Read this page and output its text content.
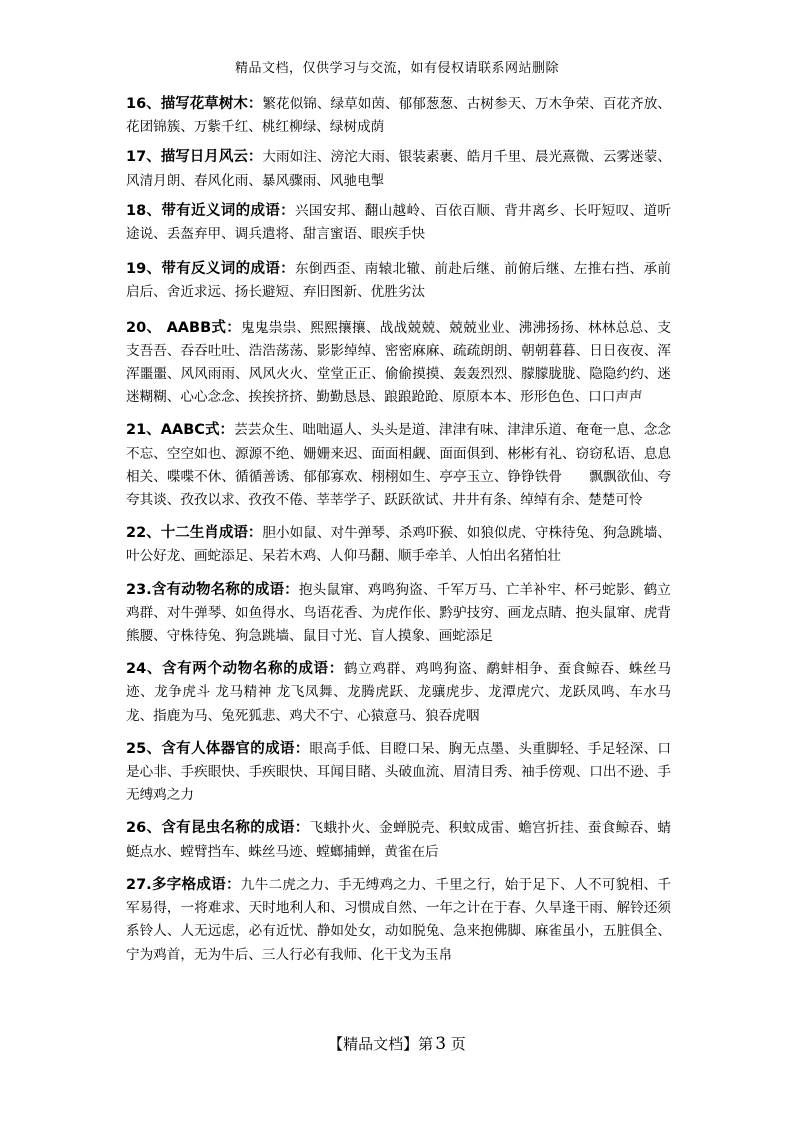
精品文档，仅供学习与交流，如有侵权请联系网站删除
16、描写花草树木：繁花似锦、绿草如茵、郁郁葱葱、古树参天、万木争荣、百花齐放、花团锦簇、万紫千红、桃红柳绿、绿树成荫
17、描写日月风云：大雨如注、滂沱大雨、银装素裹、皓月千里、晨光熹微、云雾迷蒙、风清月朗、春风化雨、暴风骤雨、风驰电掣
18、带有近义词的成语：兴国安邦、翻山越岭、百依百顺、背井离乡、长吁短叹、道听途说、丢盔弃甲、调兵遣将、甜言蜜语、眼疾手快
19、带有反义词的成语：东倒西歪、南辕北辙、前赴后继、前俯后继、左推右挡、承前启后、舍近求远、扬长避短、弃旧图新、优胜劣汰
20、 AABB式：鬼鬼祟祟、熙熙攘攘、战战兢兢、兢兢业业、沸沸扬扬、林林总总、支支吾吾、吞吞吐吐、浩浩荡荡、影影绰绰、密密麻麻、疏疏朗朗、朝朝暮暮、日日夜夜、浑浑噩噩、风风雨雨、风风火火、堂堂正正、偷偷摸摸、轰轰烈烈、朦朦胧胧、隐隐约约、迷迷糊糊、心心念念、挨挨挤挤、勤勤恳恳、踉踉跄跄、原原本本、形形色色、口口声声
21、AABC式：芸芸众生、咄咄逼人、头头是道、津津有味、津津乐道、奄奄一息、念念不忘、空空如也、源源不绝、姗姗来迟、面面相觑、面面俱到、彬彬有礼、窃窃私语、息息相关、喋喋不休、循循善诱、郁郁寡欢、栩栩如生、亭亭玉立、铮铮铁骨　　飘飘欲仙、夸夸其谈、孜孜以求、孜孜不倦、莘莘学子、跃跃欲试、井井有条、绰绰有余、楚楚可怜
22、十二生肖成语：胆小如鼠、对牛弹琴、杀鸡吓猴、如狼似虎、守株待兔、狗急跳墙、叶公好龙、画蛇添足、呆若木鸡、人仰马翻、顺手牵羊、人怕出名猪怕壮
23.含有动物名称的成语：抱头鼠窜、鸡鸣狗盗、千军万马、亡羊补牢、杯弓蛇影、鹤立鸡群、对牛弹琴、如鱼得水、鸟语花香、为虎作伥、黔驴技穷、画龙点睛、抱头鼠窜、虎背熊腰、守株待兔、狗急跳墙、鼠目寸光、盲人摸象、画蛇添足
24、含有两个动物名称的成语：鹤立鸡群、鸡鸣狗盗、鹬蚌相争、蚕食鲸吞、蛛丝马迹、龙争虎斗 龙马精神 龙飞凤舞、龙腾虎跃、龙骧虎步、龙潭虎穴、龙跃凤鸣、车水马龙、指鹿为马、兔死狐悲、鸡犬不宁、心猿意马、狼吞虎咽
25、含有人体器官的成语：眼高手低、目瞪口呆、胸无点墨、头重脚轻、手足轻深、口是心非、手疾眼快、手疾眼快、耳闻目睹、头破血流、眉清目秀、袖手傍观、口出不逊、手无缚鸡之力
26、含有昆虫名称的成语：飞蛾扑火、金蝉脱壳、积蚊成雷、蟾宫折挂、蚕食鲸吞、蜻蜓点水、螳臂挡车、蛛丝马迹、螳螂捕蝉，黄雀在后
27.多字格成语：九牛二虎之力、手无缚鸡之力、千里之行，始于足下、人不可貌相、千军易得，一将难求、天时地利人和、习惯成自然、一年之计在于春、久旱逢干雨、解铃还须系铃人、人无远虑，必有近忧、静如处女，动如脱兔、急来抱佛脚、麻雀虽小，五脏俱全、宁为鸡首，无为牛后、三人行必有我师、化干戈为玉帛
【精品文档】第 3 页
